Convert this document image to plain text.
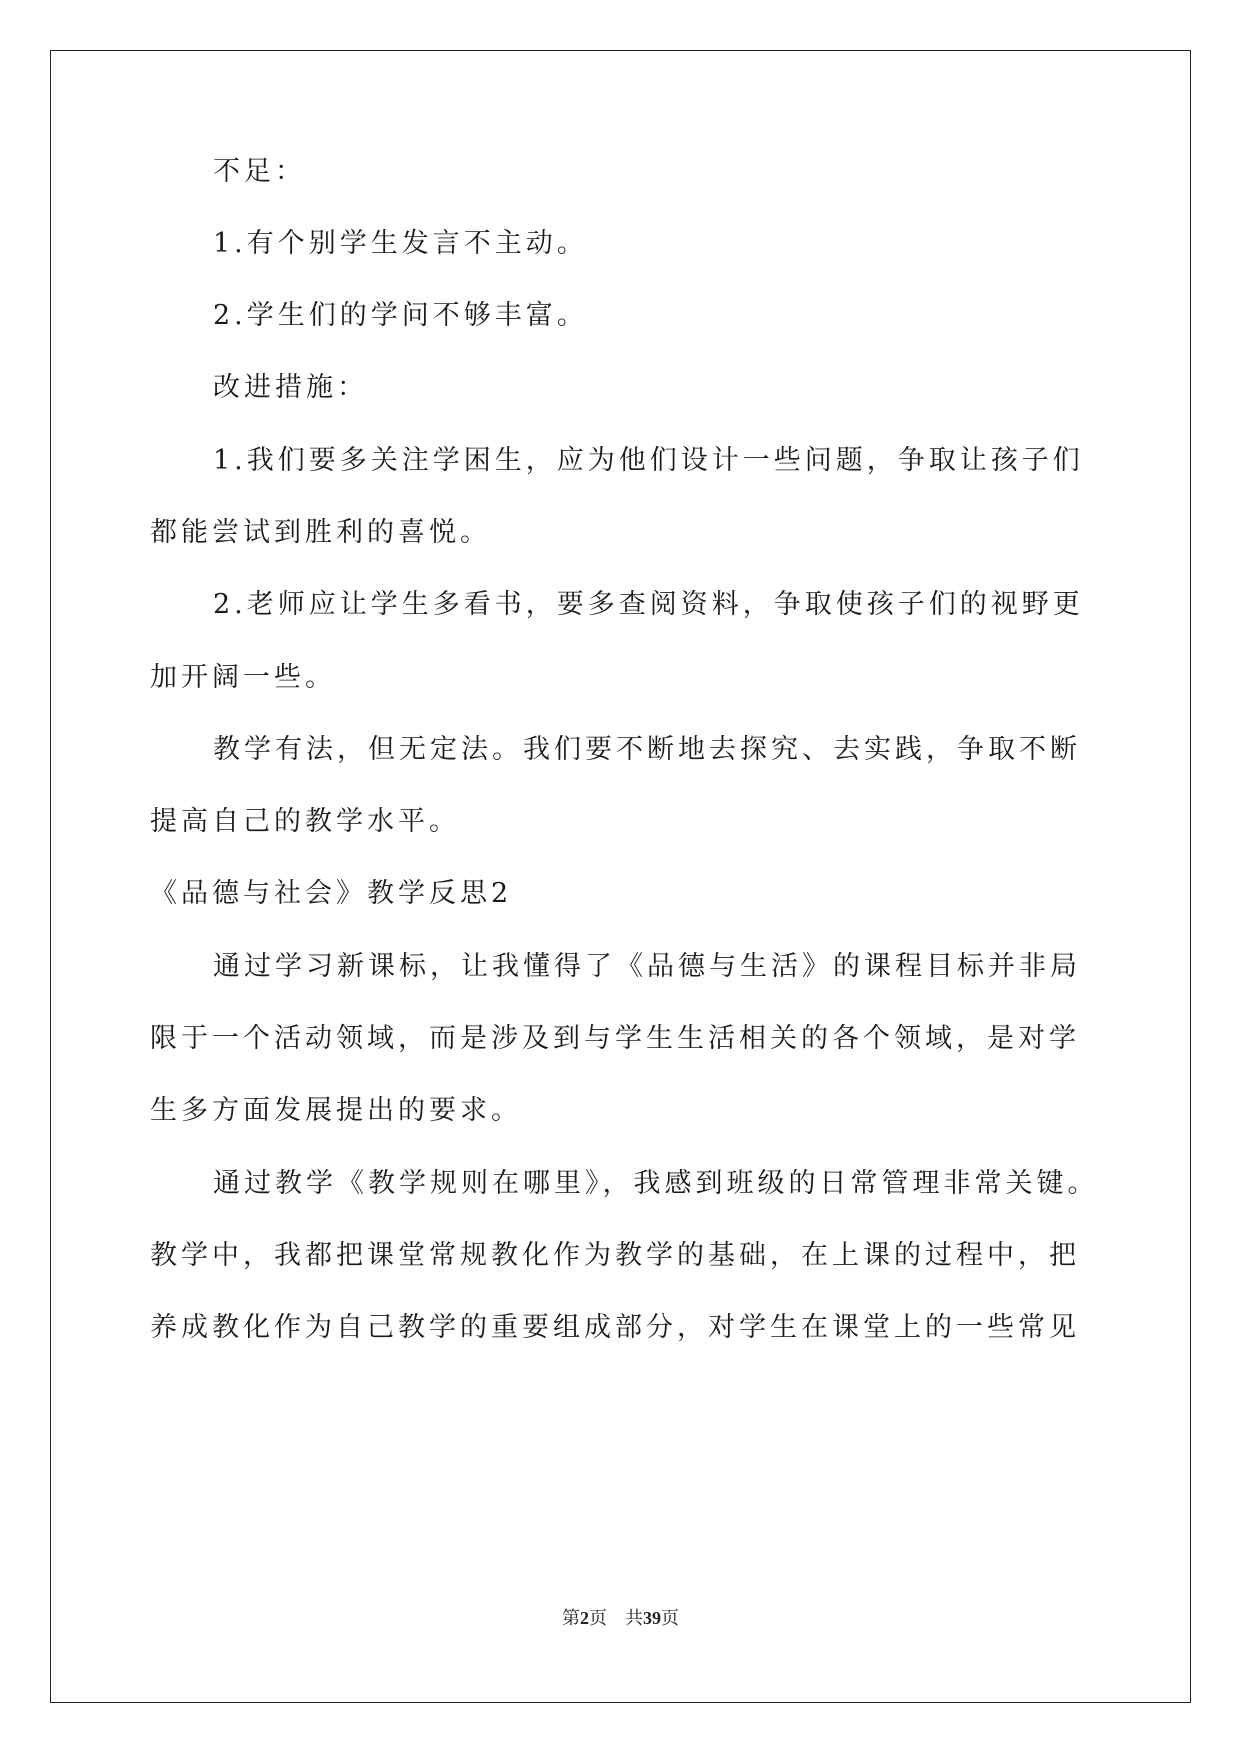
不足：
1.有个别学生发言不主动。
2.学生们的学问不够丰富。
改进措施：
1.我们要多关注学困生，应为他们设计一些问题，争取让孩子们
都能尝试到胜利的喜悦。
2.老师应让学生多看书，要多查阅资料，争取使孩子们的视野更
加开阔一些。
教学有法，但无定法。我们要不断地去探究、去实践，争取不断
提高自己的教学水平。
《品德与社会》教学反思2
通过学习新课标，让我懂得了《品德与生活》的课程目标并非局
限于一个活动领域，而是涉及到与学生生活相关的各个领域，是对学
生多方面发展提出的要求。
通过教学《教学规则在哪里》，我感到班级的日常管理非常关键。
教学中，我都把课堂常规教化作为教学的基础，在上课的过程中，把
养成教化作为自己教学的重要组成部分，对学生在课堂上的一些常见
第2页 共39页
